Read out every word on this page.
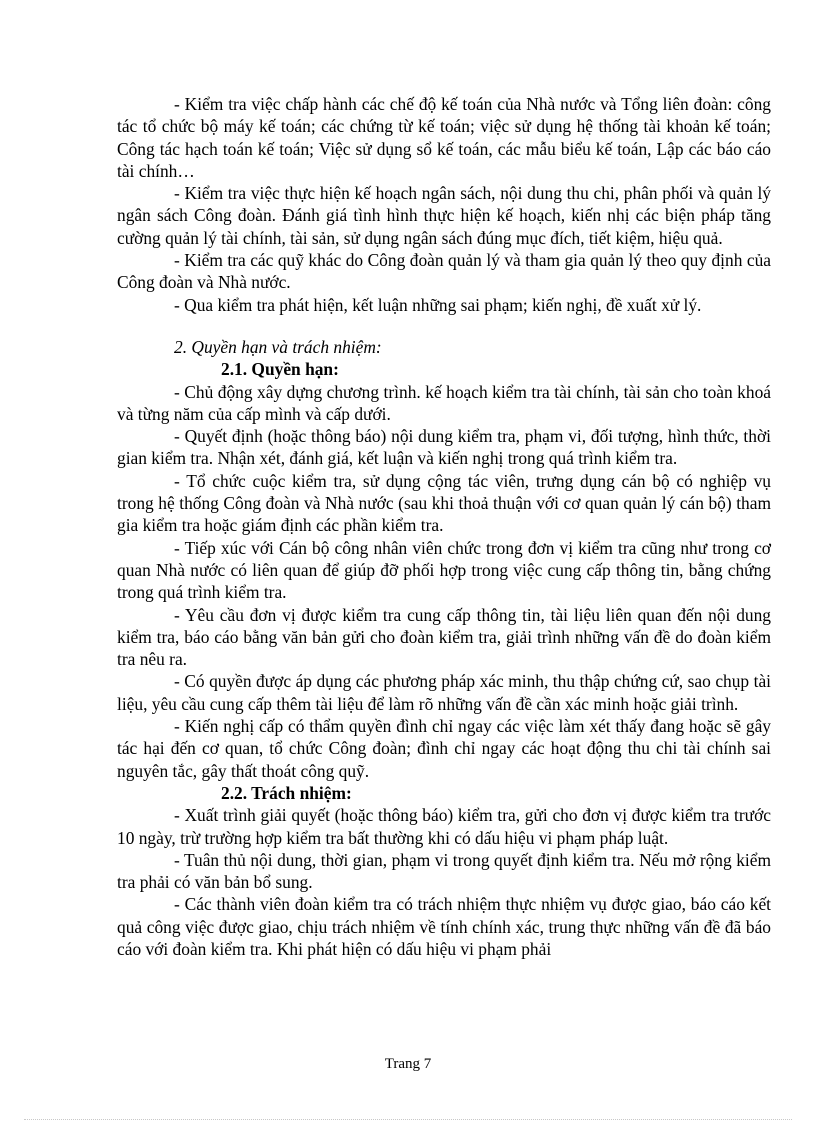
- Kiểm tra việc chấp hành các chế độ kế toán của Nhà nước và Tổng liên đoàn: công tác tổ chức bộ máy kế toán; các chứng từ kế toán; việc sử dụng hệ thống tài khoản kế toán; Công tác hạch toán kế toán; Việc sử dụng sổ kế toán, các mẫu biểu kế toán, Lập các báo cáo tài chính…

- Kiểm tra việc thực hiện kế hoạch ngân sách, nội dung thu chi, phân phối và quản lý ngân sách Công đoàn. Đánh giá tình hình thực hiện kế hoạch, kiến nhị các biện pháp tăng cường quản lý tài chính, tài sản, sử dụng ngân sách đúng mục đích, tiết kiệm, hiệu quả.

- Kiểm tra các quỹ khác do Công đoàn quản lý và tham gia quản lý theo quy định của Công đoàn và Nhà nước.

- Qua kiểm tra phát hiện, kết luận những sai phạm; kiến nghị, đề xuất xử lý.

2. Quyền hạn và trách nhiệm:

2.1. Quyền hạn:

- Chủ động xây dựng chương trình. kế hoạch kiểm tra tài chính, tài sản cho toàn khoá và từng năm của cấp mình và cấp dưới.

- Quyết định (hoặc thông báo) nội dung kiểm tra, phạm vi, đối tượng, hình thức, thời gian kiểm tra. Nhận xét, đánh giá, kết luận và kiến nghị trong quá trình kiểm tra.

- Tổ chức cuộc kiểm tra, sử dụng cộng tác viên, trưng dụng cán bộ có nghiệp vụ trong hệ thống Công đoàn và Nhà nước (sau khi thoả thuận với cơ quan quản lý cán bộ) tham gia kiểm tra hoặc giám định các phần kiểm tra.

- Tiếp xúc với Cán bộ công nhân viên chức trong đơn vị kiểm tra cũng như trong cơ quan Nhà nước có liên quan để giúp đỡ phối hợp trong việc cung cấp thông tin, bằng chứng trong quá trình kiểm tra.

- Yêu cầu đơn vị được kiểm tra cung cấp thông tin, tài liệu liên quan đến nội dung kiểm tra, báo cáo bằng văn bản gửi cho đoàn kiểm tra, giải trình những vấn đề do đoàn kiểm tra nêu ra.

- Có quyền được áp dụng các phương pháp xác minh, thu thập chứng cứ, sao chụp tài liệu, yêu cầu cung cấp thêm tài liệu để làm rõ những vấn đề cần xác minh hoặc giải trình.

- Kiến nghị cấp có thẩm quyền đình chỉ ngay các việc làm xét thấy đang hoặc sẽ gây tác hại đến cơ quan, tổ chức Công đoàn; đình chỉ ngay các hoạt động thu chi tài chính sai nguyên tắc, gây thất thoát công quỹ.

2.2. Trách nhiệm:

- Xuất trình giải quyết (hoặc thông báo) kiểm tra, gửi cho đơn vị được kiểm tra trước 10 ngày, trừ trường hợp kiểm tra bất thường khi có dấu hiệu vi phạm pháp luật.

- Tuân thủ nội dung, thời gian, phạm vi trong quyết định kiểm tra. Nếu mở rộng kiểm tra phải có văn bản bổ sung.

- Các thành viên đoàn kiểm tra có trách nhiệm thực nhiệm vụ được giao, báo cáo kết quả công việc được giao, chịu trách nhiệm về tính chính xác, trung thực những vấn đề đã báo cáo với đoàn kiểm tra. Khi phát hiện có dấu hiệu vi phạm phải

Trang 7
